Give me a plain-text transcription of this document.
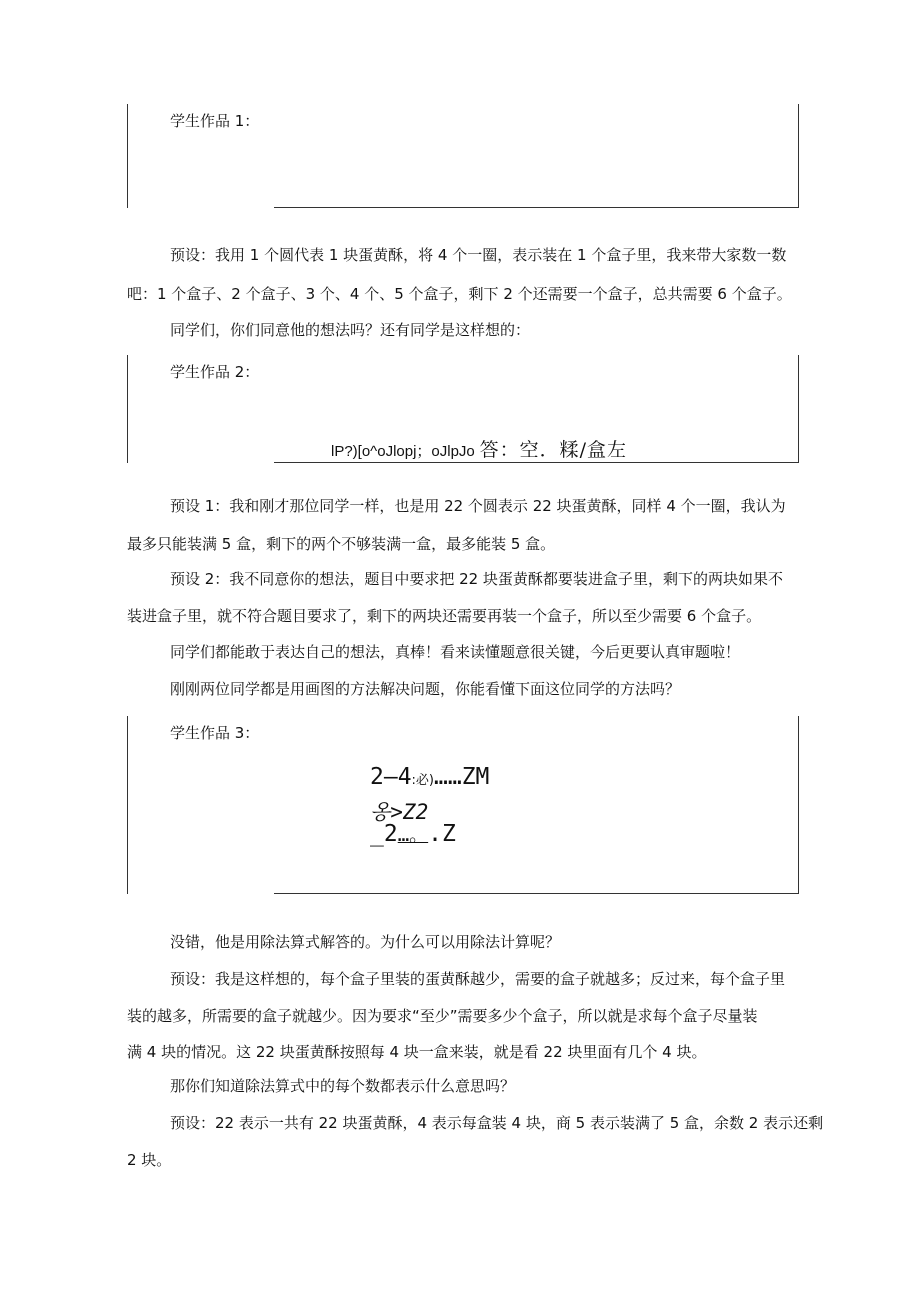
学生作品 1：
预设：我用 1 个圆代表 1 块蛋黄酥，将 4 个一圈，表示装在 1 个盒子里，我来带大家数一数
吧：1 个盒子、2 个盒子、3 个、4 个、5 个盒子，剩下 2 个还需要一个盒子，总共需要 6 个盒子。
同学们，你们同意他的想法吗？还有同学是这样想的：
学生作品 2：
lP?)[o^oJlopj；oJlpJo 答：空．糅/盒左
预设 1：我和刚才那位同学一样，也是用 22 个圆表示 22 块蛋黄酥，同样 4 个一圈，我认为
最多只能装满 5 盒，剩下的两个不够装满一盒，最多能装 5 盒。
预设 2：我不同意你的想法，题目中要求把 22 块蛋黄酥都要装进盒子里，剩下的两块如果不
装进盒子里，就不符合题目要求了，剩下的两块还需要再装一个盒子，所以至少需要 6 个盒子。
同学们都能敢于表达自己的想法，真棒！看来读懂题意很关键，今后更要认真审题啦！
刚刚两位同学都是用画图的方法解决问题，你能看懂下面这位同学的方法吗？
学生作品 3：
2—4:必)……ZM
옹>Z2
_2…。.Z
没错，他是用除法算式解答的。为什么可以用除法计算呢？
预设：我是这样想的，每个盒子里装的蛋黄酥越少，需要的盒子就越多；反过来，每个盒子里
装的越多，所需要的盒子就越少。因为要求“至少”需要多少个盒子，所以就是求每个盒子尽量装
满 4 块的情况。这 22 块蛋黄酥按照每 4 块一盒来装，就是看 22 块里面有几个 4 块。
那你们知道除法算式中的每个数都表示什么意思吗？
预设：22 表示一共有 22 块蛋黄酥，4 表示每盒装 4 块，商 5 表示装满了 5 盒，余数 2 表示还剩
2 块。
